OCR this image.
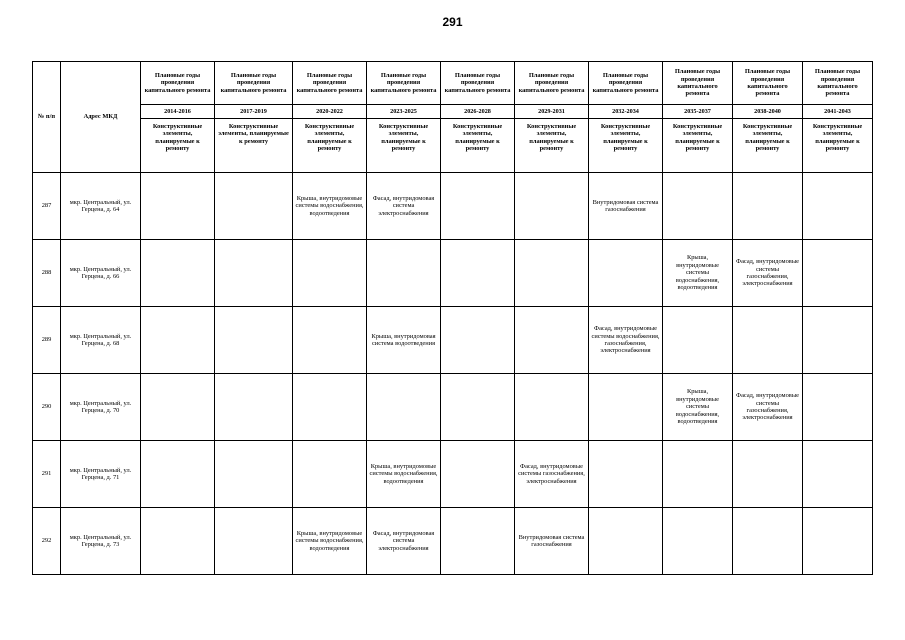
291
№ п/п	Адрес МКД	Плановые годы проведения капитального ремонта	Плановые годы проведения капитального ремонта	Плановые годы проведения капитального ремонта	Плановые годы проведения капитального ремонта	Плановые годы проведения капитального ремонта	Плановые годы проведения капитального ремонта	Плановые годы проведения капитального ремонта	Плановые годы проведения капитального ремонта	Плановые годы проведения капитального ремонта	Плановые годы проведения капитального ремонта
		2014-2016	2017-2019	2020-2022	2023-2025	2026-2028	2029-2031	2032-2034	2035-2037	2038-2040	2041-2043
		Конструктивные элементы, планируемые к ремонту	Конструктивные элементы, планируемые к ремонту	Конструктивные элементы, планируемые к ремонту	Конструктивные элементы, планируемые к ремонту	Конструктивные элементы, планируемые к ремонту	Конструктивные элементы, планируемые к ремонту	Конструктивные элементы, планируемые к ремонту	Конструктивные элементы, планируемые к ремонту	Конструктивные элементы, планируемые к ремонту	Конструктивные элементы, планируемые к ремонту
287	мкр. Центральный, ул. Герцена, д. 64			Крыша, внутридомовые системы водоснабжения, водоотведения	Фасад, внутридомовая система электроснабжения			Внутридомовая система газоснабжения			
288	мкр. Центральный, ул. Герцена, д. 66								Крыша, внутридомовые системы водоснабжения, водоотведения	Фасад, внутридомовые системы газоснабжения, электроснабжения	
289	мкр. Центральный, ул. Герцена, д. 68				Крыша, внутридомовая система водоотведения			Фасад, внутридомовые системы водоснабжения, газоснабжения, электроснабжения			
290	мкр. Центральный, ул. Герцена, д. 70								Крыша, внутридомовые системы водоснабжения, водоотведения	Фасад, внутридомовые системы газоснабжения, электроснабжения	
291	мкр. Центральный, ул. Герцена, д. 71				Крыша, внутридомовые системы водоснабжения, водоотведения		Фасад, внутридомовые системы газоснабжения, электроснабжения				
292	мкр. Центральный, ул. Герцена, д. 73			Крыша, внутридомовые системы водоснабжения, водоотведения	Фасад, внутридомовая система электроснабжения		Внутридомовая система газоснабжения				
